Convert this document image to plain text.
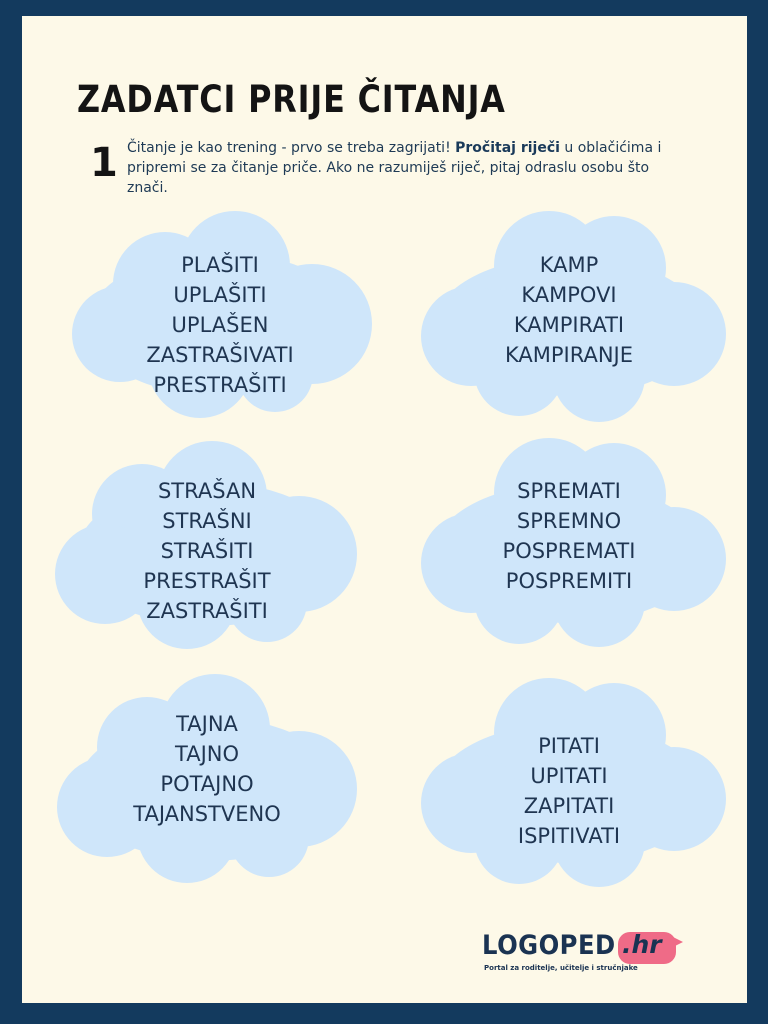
ZADATCI PRIJE ČITANJA
1 Čitanje je kao trening - prvo se treba zagrijati! Pročitaj riječi u oblačićima i pripremi se za čitanje priče. Ako ne razumiješ riječ, pitaj odraslu osobu što znači.
PLAŠITI
UPLAŠITI
UPLAŠEN
ZASTRAŠIVATI
PRESTRAŠITI
KAMP
KAMPOVI
KAMPIRATI
KAMPIRANJE
STRAŠAN
STRAŠNI
STRAŠITI
PRESTRAŠIT
ZASTRAŠITI
SPREMATI
SPREMNO
POSPREMATI
POSPREMITI
TAJNA
TAJNO
POTAJNO
TAJANSTVENO
PITATI
UPITATI
ZAPITATI
ISPITIVATI
LOGOPED .hr
Portal za roditelje, učitelje i stručnjake
